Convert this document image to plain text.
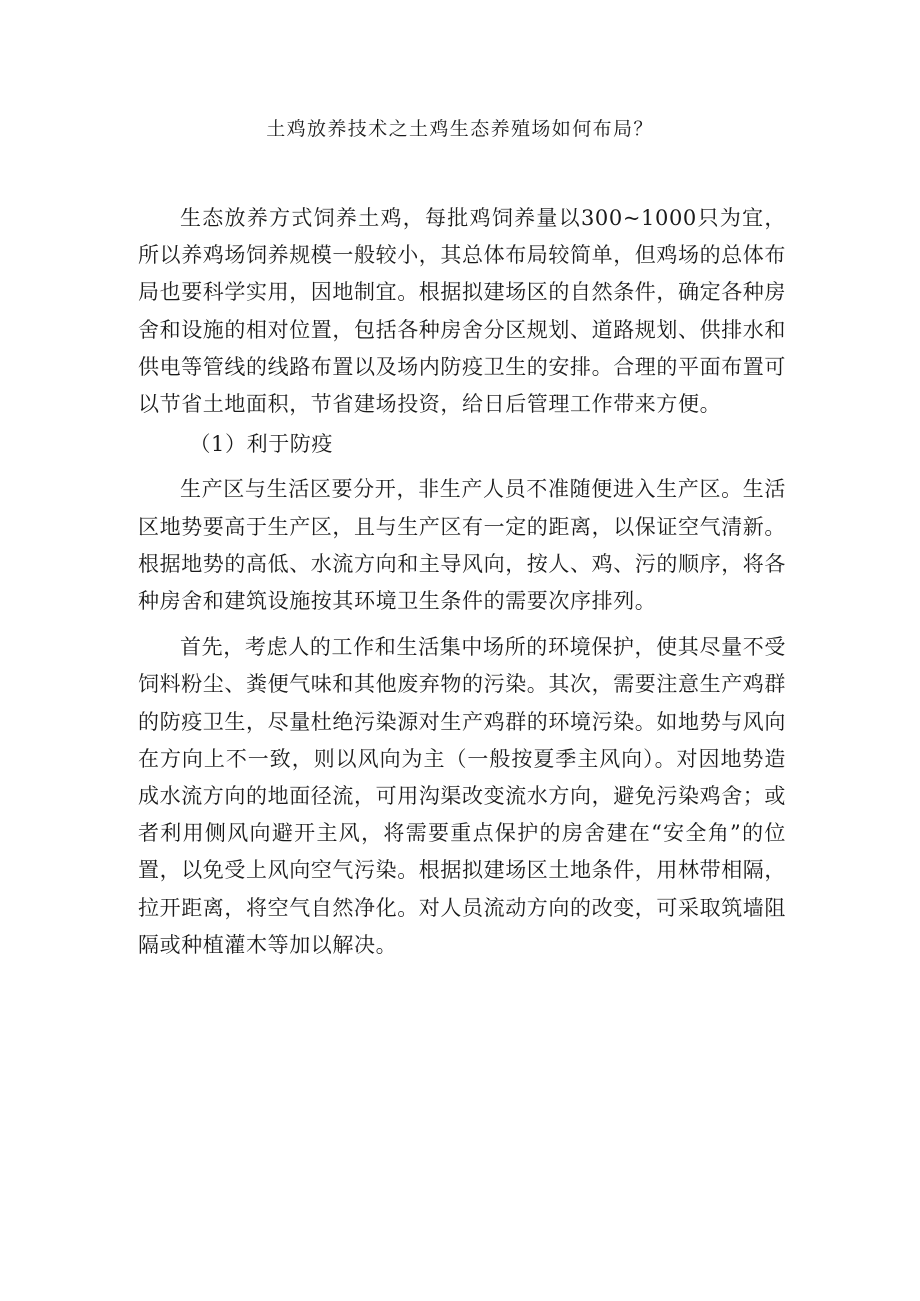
土鸡放养技术之土鸡生态养殖场如何布局？

生态放养方式饲养土鸡，每批鸡饲养量以300~1000只为宜，所以养鸡场饲养规模一般较小，其总体布局较简单，但鸡场的总体布局也要科学实用，因地制宜。根据拟建场区的自然条件，确定各种房舍和设施的相对位置，包括各种房舍分区规划、道路规划、供排水和供电等管线的线路布置以及场内防疫卫生的安排。合理的平面布置可以节省土地面积，节省建场投资，给日后管理工作带来方便。

（1）利于防疫

生产区与生活区要分开，非生产人员不准随便进入生产区。生活区地势要高于生产区，且与生产区有一定的距离，以保证空气清新。根据地势的高低、水流方向和主导风向，按人、鸡、污的顺序，将各种房舍和建筑设施按其环境卫生条件的需要次序排列。

首先，考虑人的工作和生活集中场所的环境保护，使其尽量不受饲料粉尘、粪便气味和其他废弃物的污染。其次，需要注意生产鸡群的防疫卫生，尽量杜绝污染源对生产鸡群的环境污染。如地势与风向在方向上不一致，则以风向为主（一般按夏季主风向）。对因地势造成水流方向的地面径流，可用沟渠改变流水方向，避免污染鸡舍；或者利用侧风向避开主风，将需要重点保护的房舍建在“安全角”的位置，以免受上风向空气污染。根据拟建场区土地条件，用林带相隔，拉开距离，将空气自然净化。对人员流动方向的改变，可采取筑墙阻隔或种植灌木等加以解决。
